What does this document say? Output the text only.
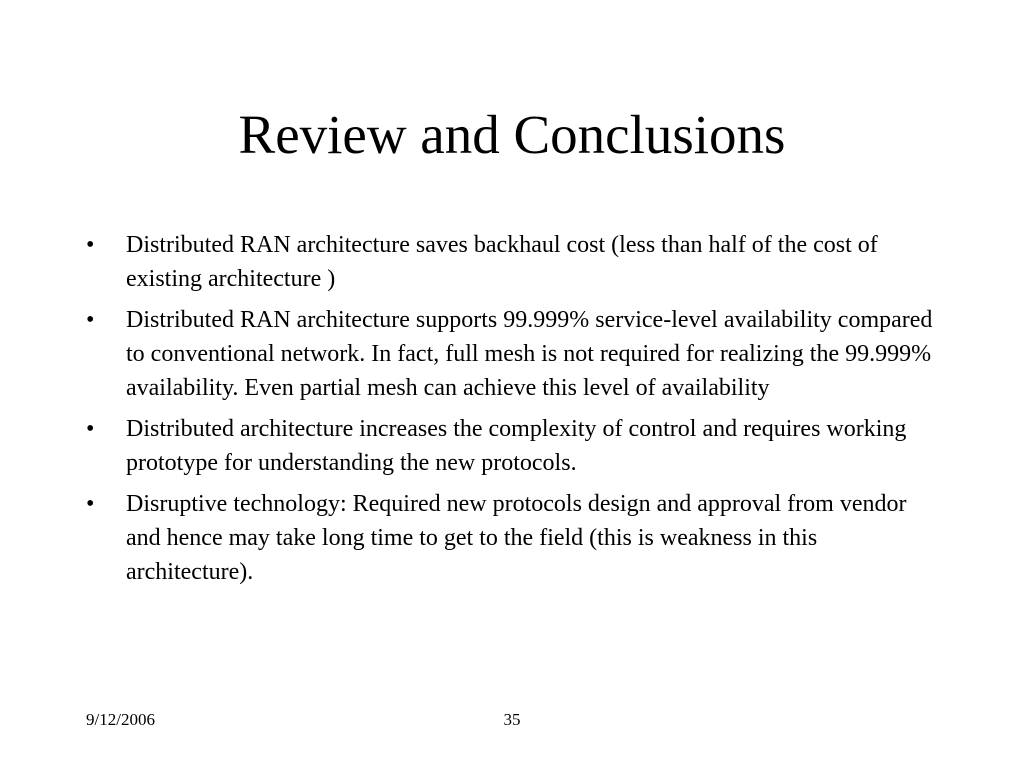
Review and Conclusions
•	Distributed RAN architecture saves backhaul cost (less than half of the cost of existing architecture )
•	Distributed RAN architecture supports 99.999% service-level availability compared to conventional network. In fact, full mesh is not required for realizing the 99.999% availability. Even partial mesh can achieve this level of availability
•	Distributed architecture increases the complexity of control and requires working prototype for understanding the new protocols.
•	Disruptive technology: Required new protocols design and approval from vendor and hence may take long time to get to the field (this is weakness in this architecture).
9/12/2006	35
